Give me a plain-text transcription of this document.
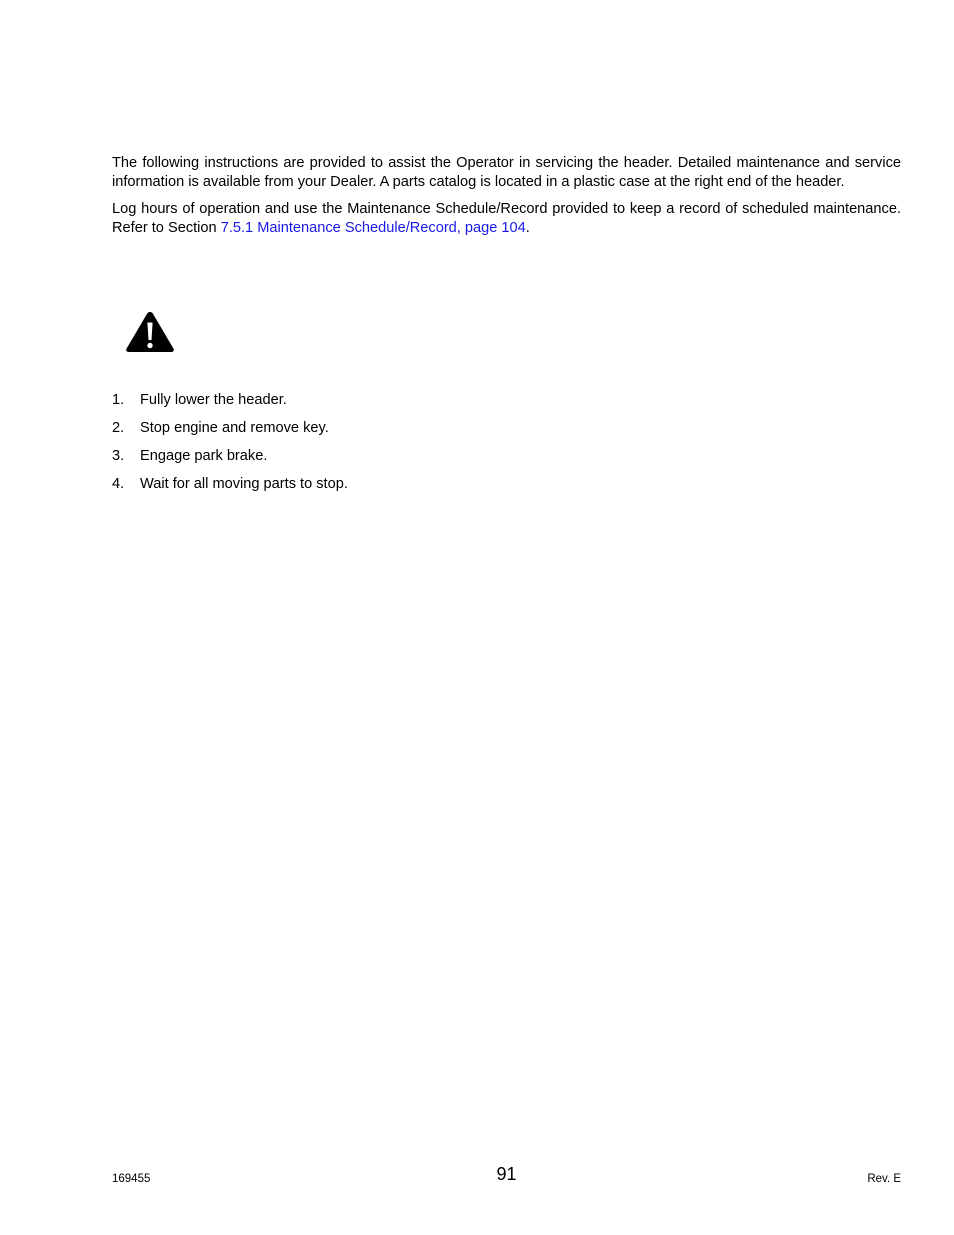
The following instructions are provided to assist the Operator in servicing the header. Detailed maintenance and service information is available from your Dealer. A parts catalog is located in a plastic case at the right end of the header.

Log hours of operation and use the Maintenance Schedule/Record provided to keep a record of scheduled maintenance. Refer to Section 7.5.1 Maintenance Schedule/Record, page 104.

1. Fully lower the header.
2. Stop engine and remove key.
3. Engage park brake.
4. Wait for all moving parts to stop.
169455	91	Rev. E
